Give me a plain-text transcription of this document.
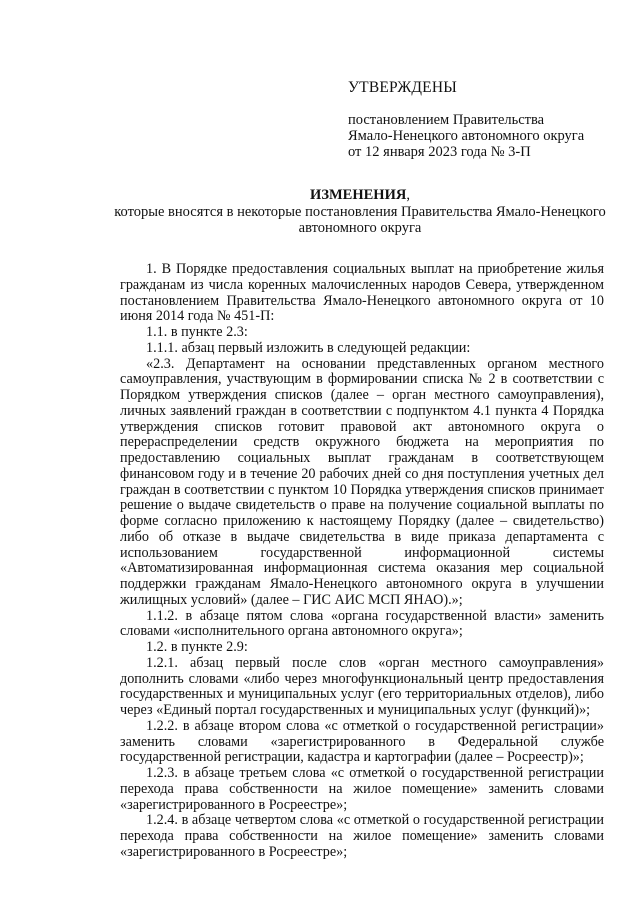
УТВЕРЖДЕНЫ
постановлением Правительства
Ямало-Ненецкого автономного округа
от 12 января 2023 года № 3-П
ИЗМЕНЕНИЯ,
которые вносятся в некоторые постановления Правительства Ямало-Ненецкого
автономного округа

1. В Порядке предоставления социальных выплат на приобретение жилья гражданам из числа коренных малочисленных народов Севера, утвержденном постановлением Правительства Ямало-Ненецкого автономного округа от 10 июня 2014 года № 451-П:

1.1. в пункте 2.3:

1.1.1. абзац первый изложить в следующей редакции:

«2.3. Департамент на основании представленных органом местного самоуправления, участвующим в формировании списка № 2 в соответствии с Порядком утверждения списков (далее – орган местного самоуправления), личных заявлений граждан в соответствии с подпунктом 4.1 пункта 4 Порядка утверждения списков готовит правовой акт автономного округа о перераспределении средств окружного бюджета на мероприятия по предоставлению социальных выплат гражданам в соответствующем финансовом году и в течение 20 рабочих дней со дня поступления учетных дел граждан в соответствии с пунктом 10 Порядка утверждения списков принимает решение о выдаче свидетельств о праве на получение социальной выплаты по форме согласно приложению к настоящему Порядку (далее – свидетельство) либо об отказе в выдаче свидетельства в виде приказа департамента с использованием государственной информационной системы «Автоматизированная информационная система оказания мер социальной поддержки гражданам Ямало-Ненецкого автономного округа в улучшении жилищных условий» (далее – ГИС АИС МСП ЯНАО).»;

1.1.2. в абзаце пятом слова «органа государственной власти» заменить словами «исполнительного органа автономного округа»;

1.2. в пункте 2.9:

1.2.1. абзац первый после слов «орган местного самоуправления» дополнить словами «либо через многофункциональный центр предоставления государственных и муниципальных услуг (его территориальных отделов), либо через «Единый портал государственных и муниципальных услуг (функций)»;

1.2.2. в абзаце втором слова «с отметкой о государственной регистрации» заменить словами «зарегистрированного в Федеральной службе государственной регистрации, кадастра и картографии (далее – Росреестр)»;

1.2.3. в абзаце третьем слова «с отметкой о государственной регистрации перехода права собственности на жилое помещение» заменить словами «зарегистрированного в Росреестре»;

1.2.4. в абзаце четвертом слова «с отметкой о государственной регистрации перехода права собственности на жилое помещение» заменить словами «зарегистрированного в Росреестре»;
